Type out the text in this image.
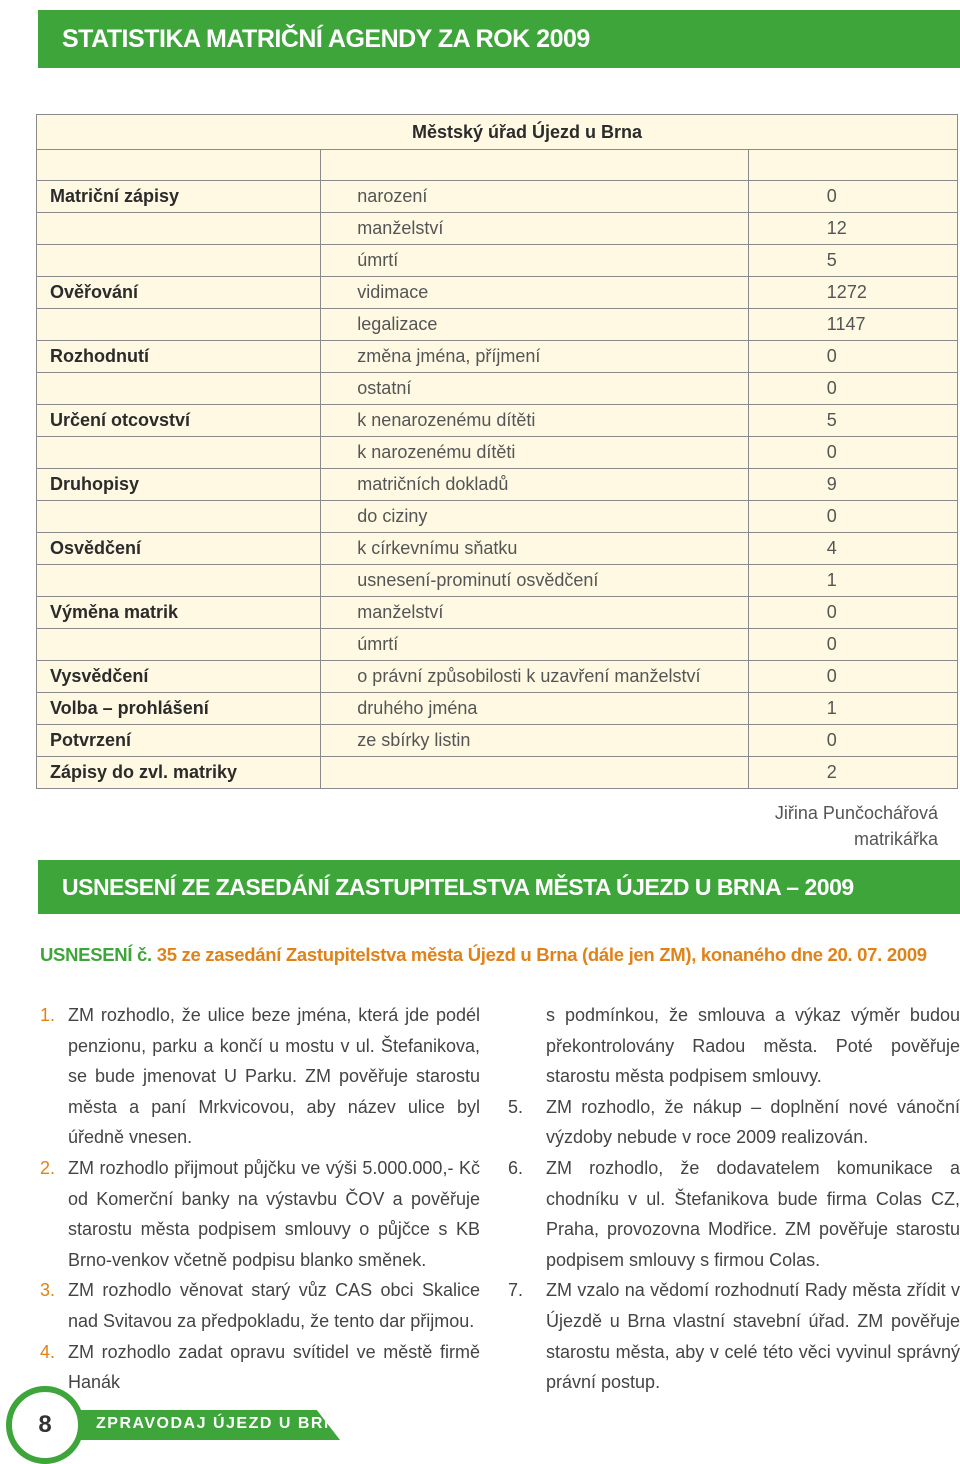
STATISTIKA MATRIČNÍ AGENDY ZA ROK 2009
Městský úřad Újezd u Brna		

Matriční zápisy	narození	0
	manželství	12
	úmrtí	5
Ověřování	vidimace	1272
	legalizace	1147
Rozhodnutí	změna jména, příjmení	0
	ostatní	0
Určení otcovství	k nenarozenému dítěti	5
	k narozenému dítěti	0
Druhopisy	matričních dokladů	9
	do ciziny	0
Osvědčení	k církevnímu sňatku	4
	usnesení-prominutí osvědčení	1
Výměna matrik	manželství	0
	úmrtí	0
Vysvědčení	o právní způsobilosti k uzavření manželství	0
Volba – prohlášení	druhého jména	1
Potvrzení	ze sbírky listin	0
Zápisy do zvl. matriky		2
Jiřina Punčochářová
matrikářka
USNESENÍ ZE ZASEDÁNÍ ZASTUPITELSTVA MĚSTA ÚJEZD U BRNA – 2009
USNESENÍ č. 35 ze zasedání Zastupitelstva města Újezd u Brna (dále jen ZM), konaného dne 20. 07. 2009
1. ZM rozhodlo, že ulice beze jména, která jde podél penzionu, parku a končí u mostu v ul. Štefanikova, se bude jmenovat U Parku. ZM pověřuje starostu města a paní Mrkvicovou, aby název ulice byl úředně vnesen.
2. ZM rozhodlo přijmout půjčku ve výši 5.000.000,- Kč od Komerční banky na výstavbu ČOV a pověřuje starostu města podpisem smlouvy o půjčce s KB Brno-venkov včetně podpisu blanko směnek.
3. ZM rozhodlo věnovat starý vůz CAS obci Skalice nad Svitavou za předpokladu, že tento dar přijmou.
4. ZM rozhodlo zadat opravu svítidel ve městě firmě Hanák
s podmínkou, že smlouva a výkaz výměr budou překontrolovány Radou města. Poté pověřuje starostu města podpisem smlouvy.
5.	ZM rozhodlo, že nákup – doplnění nové vánoční výzdoby nebude v roce 2009 realizován.
6.	ZM rozhodlo, že dodavatelem komunikace a chodníku v ul. Štefanikova bude firma Colas CZ, Praha, provozovna Modřice. ZM pověřuje starostu podpisem smlouvy s firmou Colas.
7.	ZM vzalo na vědomí rozhodnutí Rady města zřídit v Újezdě u Brna vlastní stavební úřad. ZM pověřuje starostu města, aby v celé této věci vyvinul správný právní postup.
ZPRAVODAJ ÚJEZD U BRNA
8
